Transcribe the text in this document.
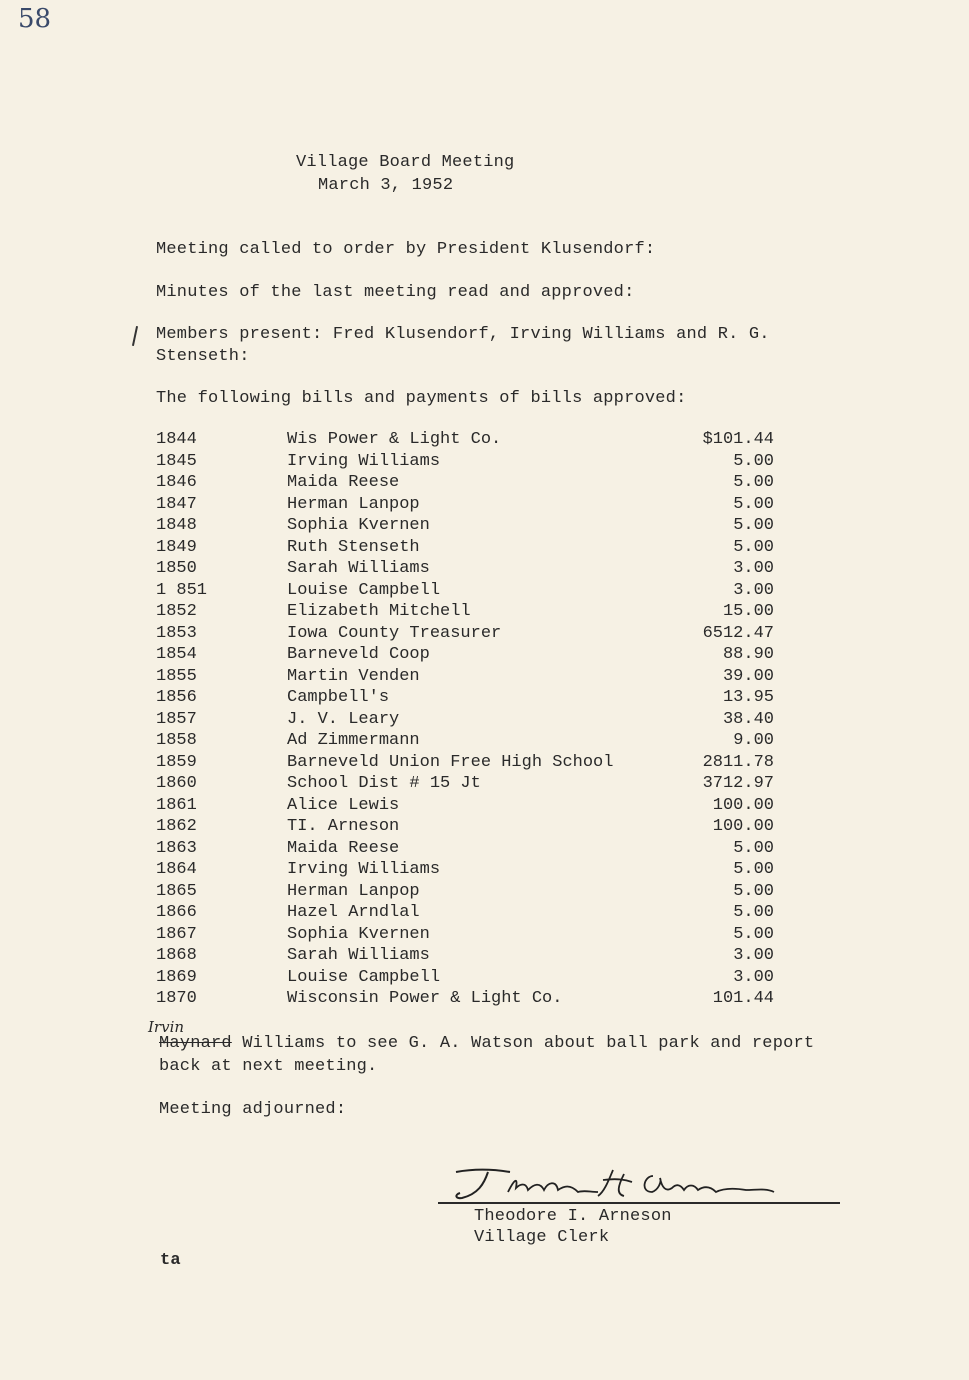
58
Village Board Meeting
March 3, 1952
Meeting called to order by President Klusendorf:
Minutes of the last meeting read and approved:
Members present: Fred Klusendorf, Irving Williams and R. G.
Stenseth:
The following bills and payments of bills approved:
1844	Wis Power & Light Co.	$101.44
1845	Irving Williams	5.00
1846	Maida Reese	5.00
1847	Herman Lanpop	5.00
1848	Sophia Kvernen	5.00
1849	Ruth Stenseth	5.00
1850	Sarah Williams	3.00
1 851	Louise Campbell	3.00
1852	Elizabeth Mitchell	15.00
1853	Iowa County Treasurer	6512.47
1854	Barneveld Coop	88.90
1855	Martin Venden	39.00
1856	Campbell's	13.95
1857	J. V. Leary	38.40
1858	Ad Zimmermann	9.00
1859	Barneveld Union Free High School	2811.78
1860	School Dist # 15 Jt	3712.97
1861	Alice Lewis	100.00
1862	TI. Arneson	100.00
1863	Maida Reese	5.00
1864	Irving Williams	5.00
1865	Herman Lanpop	5.00
1866	Hazel Arndlal	5.00
1867	Sophia Kvernen	5.00
1868	Sarah Williams	3.00
1869	Louise Campbell	3.00
1870	Wisconsin Power & Light Co.	101.44
Irvin
Maynard Williams to see G. A. Watson about ball park and report
back at next meeting.
Meeting adjourned:
Theodore I. Arneson
Village Clerk
ta
